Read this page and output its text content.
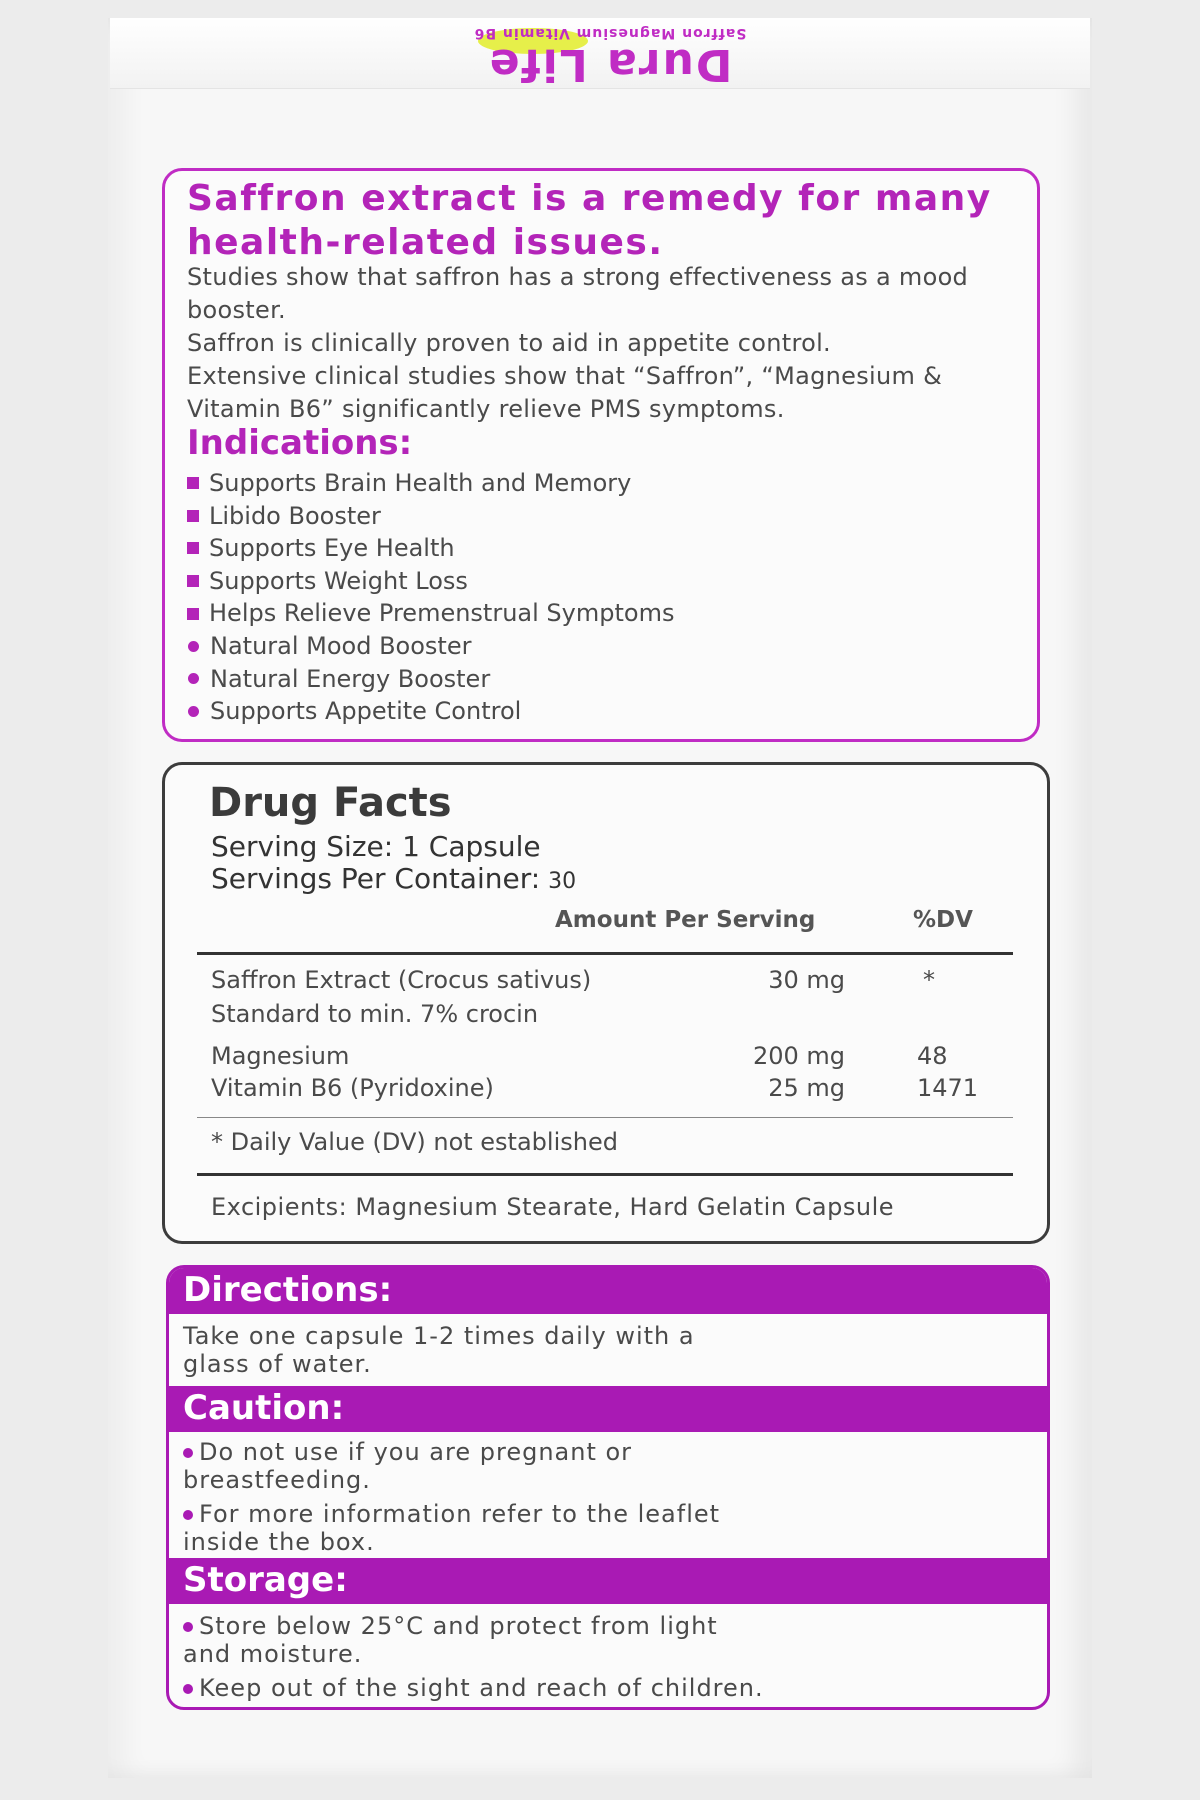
Dura Life
Saffron Magnesium Vitamin B6
Saffron extract is a remedy for many health-related issues.
Studies show that saffron has a strong effectiveness as a mood booster.
Saffron is clinically proven to aid in appetite control.
Extensive clinical studies show that “Saffron”, “Magnesium & Vitamin B6” significantly relieve PMS symptoms.
Indications:
Supports Brain Health and Memory
Libido Booster
Supports Eye Health
Supports Weight Loss
Helps Relieve Premenstrual Symptoms
Natural Mood Booster
Natural Energy Booster
Supports Appetite Control
Drug Facts
Serving Size: 1 Capsule
Servings Per Container: 30
Amount Per Serving	%DV
Saffron Extract (Crocus sativus)	30 mg	*
Standard to min. 7% crocin
Magnesium	200 mg	48
Vitamin B6 (Pyridoxine)	25 mg	1471
* Daily Value (DV) not established
Excipients: Magnesium Stearate, Hard Gelatin Capsule
Directions:
Take one capsule 1-2 times daily with a
glass of water.
Caution:
Do not use if you are pregnant or
breastfeeding.
For more information refer to the leaflet
inside the box.
Storage:
Store below 25°C and protect from light
and moisture.
Keep out of the sight and reach of children.
